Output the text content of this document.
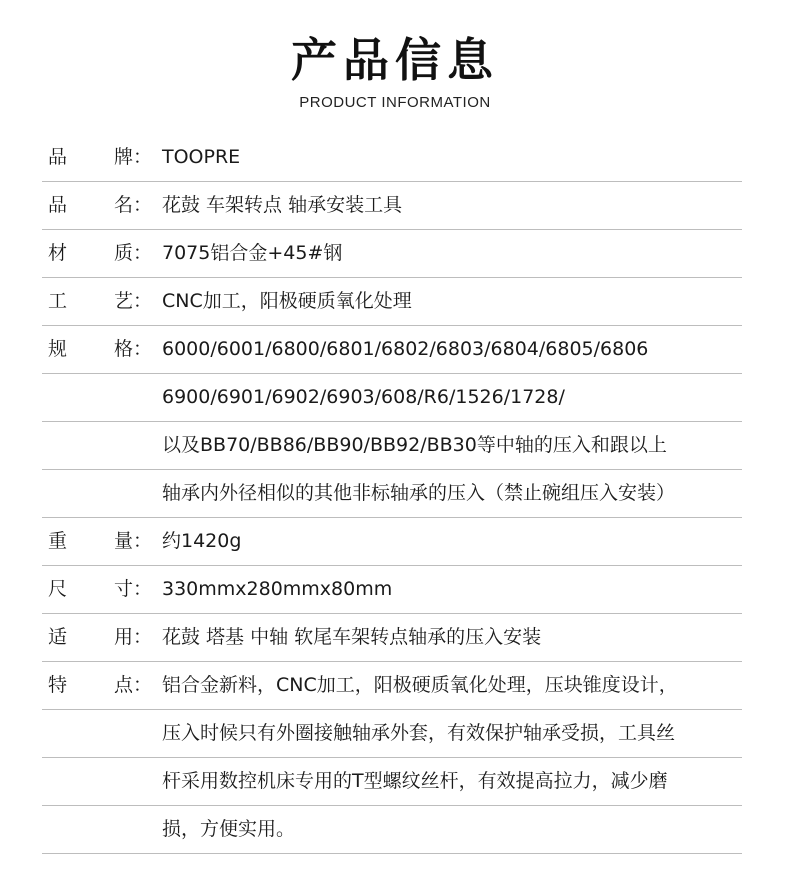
产品信息
PRODUCT INFORMATION
品 牌： TOOPRE
品 名： 花鼓 车架转点 轴承安装工具
材 质： 7075铝合金+45#钢
工 艺： CNC加工，阳极硬质氧化处理
规 格： 6000/6001/6800/6801/6802/6803/6804/6805/6806
6900/6901/6902/6903/608/R6/1526/1728/
以及BB70/BB86/BB90/BB92/BB30等中轴的压入和跟以上
轴承内外径相似的其他非标轴承的压入（禁止碗组压入安装）
重 量： 约1420g
尺 寸： 330mmx280mmx80mm
适 用： 花鼓 塔基 中轴 软尾车架转点轴承的压入安装
特 点： 铝合金新料，CNC加工，阳极硬质氧化处理，压块锥度设计，
压入时候只有外圈接触轴承外套，有效保护轴承受损，工具丝
杆采用数控机床专用的T型螺纹丝杆，有效提高拉力，减少磨
损，方便实用。
